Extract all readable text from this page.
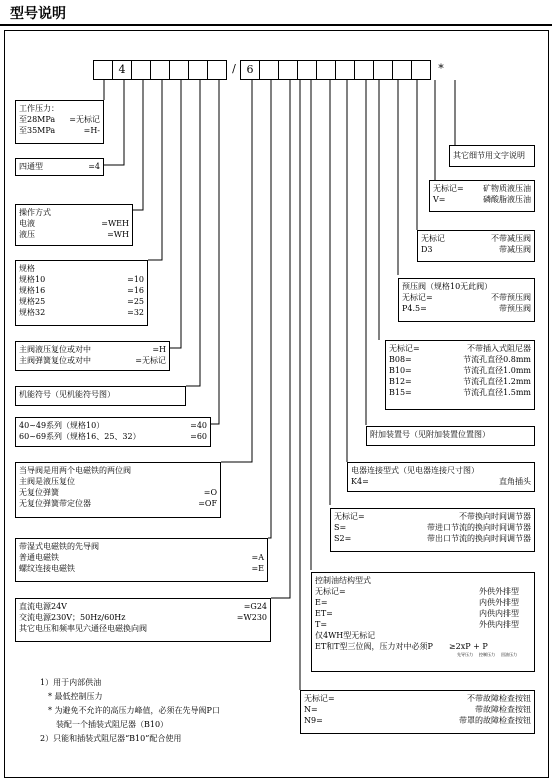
型号说明
4	/ 6	*
工作压力：
至28MPa =无标记
至35MPa	=H-
四通型	=4
操作方式
电液	=WEH
液压	=WH
规格
规格10	=10
规格16	=16
规格25	=25
规格32	=32
主阀液压复位或对中	=H
主阀弹簧复位或对中	=无标记
机能符号（见机能符号图）
40~49系列（规格10）	=40
60~69系列（规格16、25、32）	=60
当导阀是用两个电磁铁的两位阀
主阀是液压复位
无复位弹簧	=O
无复位弹簧带定位器	=OF
带湿式电磁铁的先导阀
普通电磁铁	=A
螺纹连接电磁铁	=E
直流电源24V	=G24
交流电源230V；50Hz/60Hz	=W230
其它电压和频率见六通径电磁换向阀
其它细节用文字说明
无标记= 矿物质液压油
V=	磷酸脂液压油
无标记	不带减压阀
D3	带减压阀
预压阀（规格10无此阀）
无标记=	不带预压阀
P4.5=	带预压阀
无标记=	不带插入式阻尼器
B08=	节流孔直径0.8mm
B10=	节流孔直径1.0mm
B12=	节流孔直径1.2mm
B15=	节流孔直径1.5mm
附加装置号（见附加装置位置图）
电器连接型式（见电器连接尺寸图）
K4=	直角插头
无标记=	不带换向时间调节器
S=	带进口节流的换向时间调节器
S2=	带出口节流的换向时间调节器
控制油结构型式
无标记=	外供外排型
E=	内供外排型
ET=	内供内排型
T=	外供内排型
仅4WH型无标记
ET和T型三位阀，压力对中必须P ≥2xP + P
先导压力 控制压力 回油压力
无标记=	不带故障检查按钮
N=	带故障检查按钮
N9=	带罩的故障检查按钮
1）用于内部供油
* 最低控制压力
* 为避免不允许的高压力峰值，必须在先导阀P口
装配一个插装式阻尼器（B10）
2）只能和插装式阻尼器“B10”配合使用
